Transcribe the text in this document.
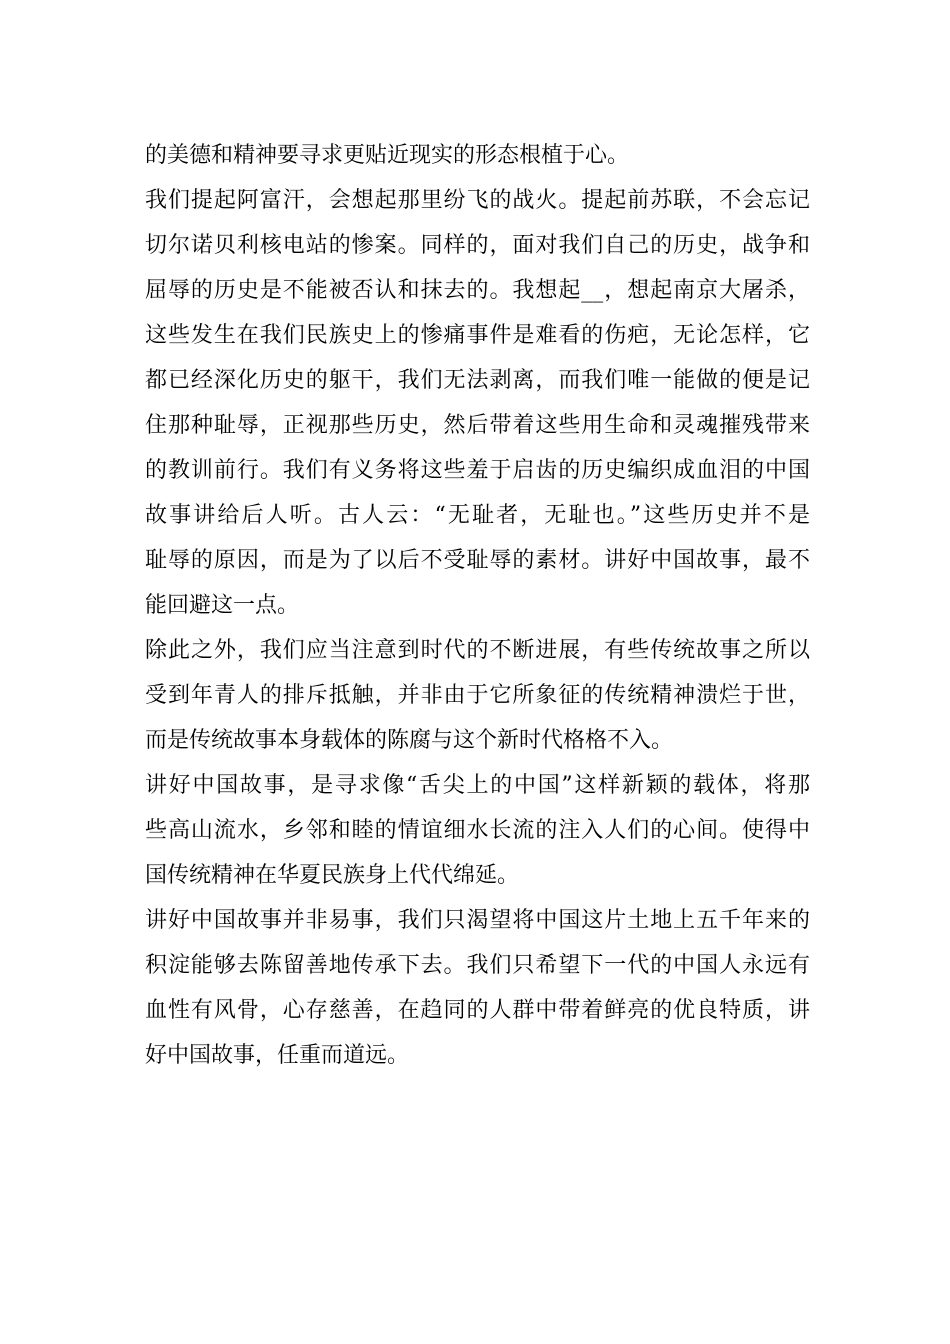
的美德和精神要寻求更贴近现实的形态根植于心。
我们提起阿富汗，会想起那里纷飞的战火。提起前苏联，不会忘记
切尔诺贝利核电站的惨案。同样的，面对我们自己的历史，战争和
屈辱的历史是不能被否认和抹去的。我想起__，想起南京大屠杀，
这些发生在我们民族史上的惨痛事件是难看的伤疤，无论怎样，它
都已经深化历史的躯干，我们无法剥离，而我们唯一能做的便是记
住那种耻辱，正视那些历史，然后带着这些用生命和灵魂摧残带来
的教训前行。我们有义务将这些羞于启齿的历史编织成血泪的中国
故事讲给后人听。古人云：“无耻者，无耻也。”这些历史并不是
耻辱的原因，而是为了以后不受耻辱的素材。讲好中国故事，最不
能回避这一点。
除此之外，我们应当注意到时代的不断进展，有些传统故事之所以
受到年青人的排斥抵触，并非由于它所象征的传统精神溃烂于世，
而是传统故事本身载体的陈腐与这个新时代格格不入。
讲好中国故事，是寻求像“舌尖上的中国”这样新颖的载体，将那
些高山流水，乡邻和睦的情谊细水长流的注入人们的心间。使得中
国传统精神在华夏民族身上代代绵延。
讲好中国故事并非易事，我们只渴望将中国这片土地上五千年来的
积淀能够去陈留善地传承下去。我们只希望下一代的中国人永远有
血性有风骨，心存慈善，在趋同的人群中带着鲜亮的优良特质，讲
好中国故事，任重而道远。
